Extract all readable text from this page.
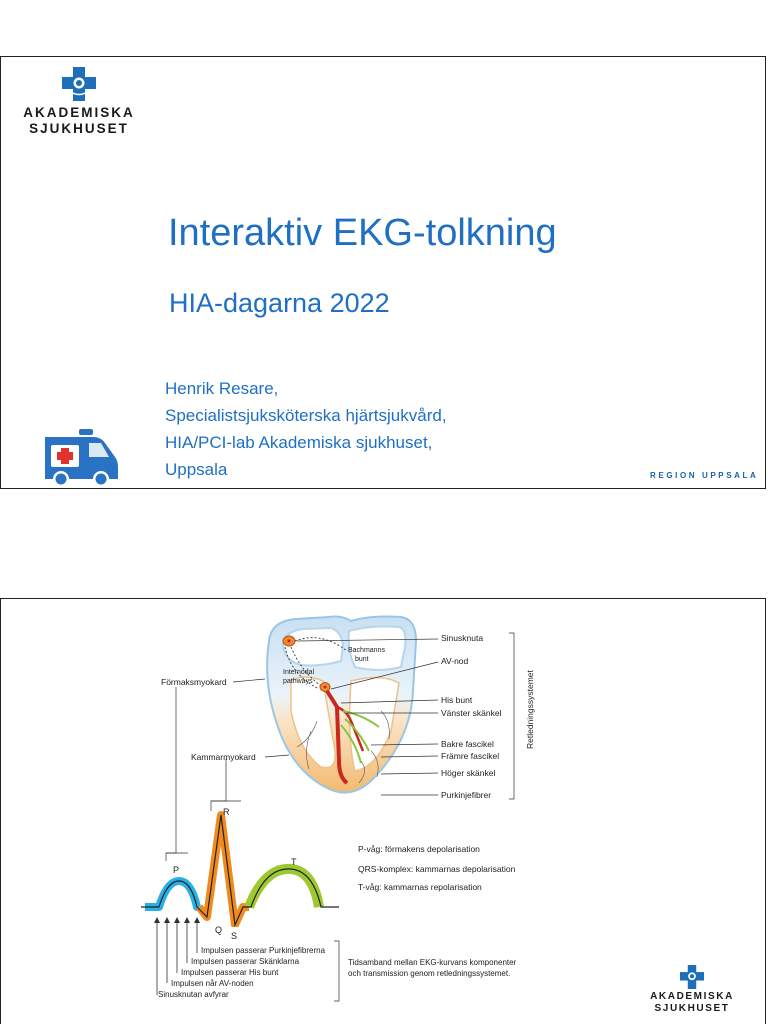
AKADEMISKA
SJUKHUSET
Interaktiv EKG-tolkning
HIA-dagarna 2022
Henrik Resare,
Specialistsjuksköterska hjärtsjukvård,
HIA/PCI-lab Akademiska sjukhuset,
Uppsala	REGION UPPSALA
Bachmanns
bunt
Internodal
pathways
Sinusknuta
AV-nod
His bunt
Vänster skänkel
Bakre fascikel
Främre fascikel
Höger skänkel
Purkinjefibrer
Retledningssystemet
Förmaksmyokard
Kammarmyokard
P
R
T
Q
S
P-våg: förmakens depolarisation
QRS-komplex: kammarnas depolarisation
T-våg: kammarnas repolarisation
Impulsen passerar Purkinjefibrerna
Impulsen passerar Skänklarna
Impulsen passerar His bunt
Impulsen når AV-noden
Sinusknutan avfyrar
Tidsamband mellan EKG-kurvans komponenter
och transmission genom retledningssystemet.
AKADEMISKA
SJUKHUSET
